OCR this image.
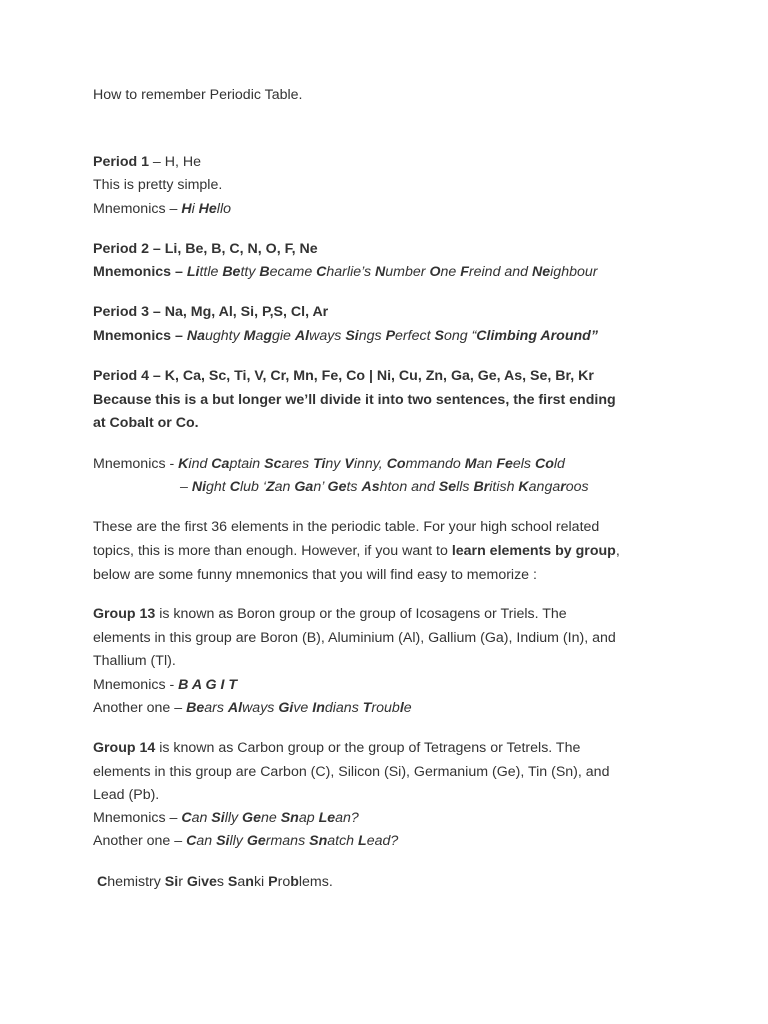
How to remember Periodic Table.
Period 1 – H, He
This is pretty simple.
Mnemonics – Hi Hello
Period 2 – Li, Be, B, C, N, O, F, Ne
Mnemonics – Little Betty Became Charlie’s Number One Freind and Neighbour
Period 3 – Na, Mg, Al, Si, P,S, Cl, Ar
Mnemonics – Naughty Maggie Always Sings Perfect Song “Climbing Around”
Period 4 – K, Ca, Sc, Ti, V, Cr, Mn, Fe, Co | Ni, Cu, Zn, Ga, Ge, As, Se, Br, Kr
Because this is a but longer we’ll divide it into two sentences, the first ending
at Cobalt or Co.
Mnemonics - Kind Captain Scares Tiny Vinny, Commando Man Feels Cold
– Night Club ‘Zan Gan’ Gets Ashton and Sells British Kangaroos
These are the first 36 elements in the periodic table. For your high school related
topics, this is more than enough. However, if you want to learn elements by group,
below are some funny mnemonics that you will find easy to memorize :
Group 13 is known as Boron group or the group of Icosagens or Triels. The
elements in this group are Boron (B), Aluminium (Al), Gallium (Ga), Indium (In), and
Thallium (Tl).
Mnemonics - B A G I T
Another one – Bears Always Give Indians Trouble
Group 14 is known as Carbon group or the group of Tetragens or Tetrels. The
elements in this group are Carbon (C), Silicon (Si), Germanium (Ge), Tin (Sn), and
Lead (Pb).
Mnemonics – Can Silly Gene Snap Lean?
Another one – Can Silly Germans Snatch Lead?
Chemistry Sir Gives Sanki Problems.
